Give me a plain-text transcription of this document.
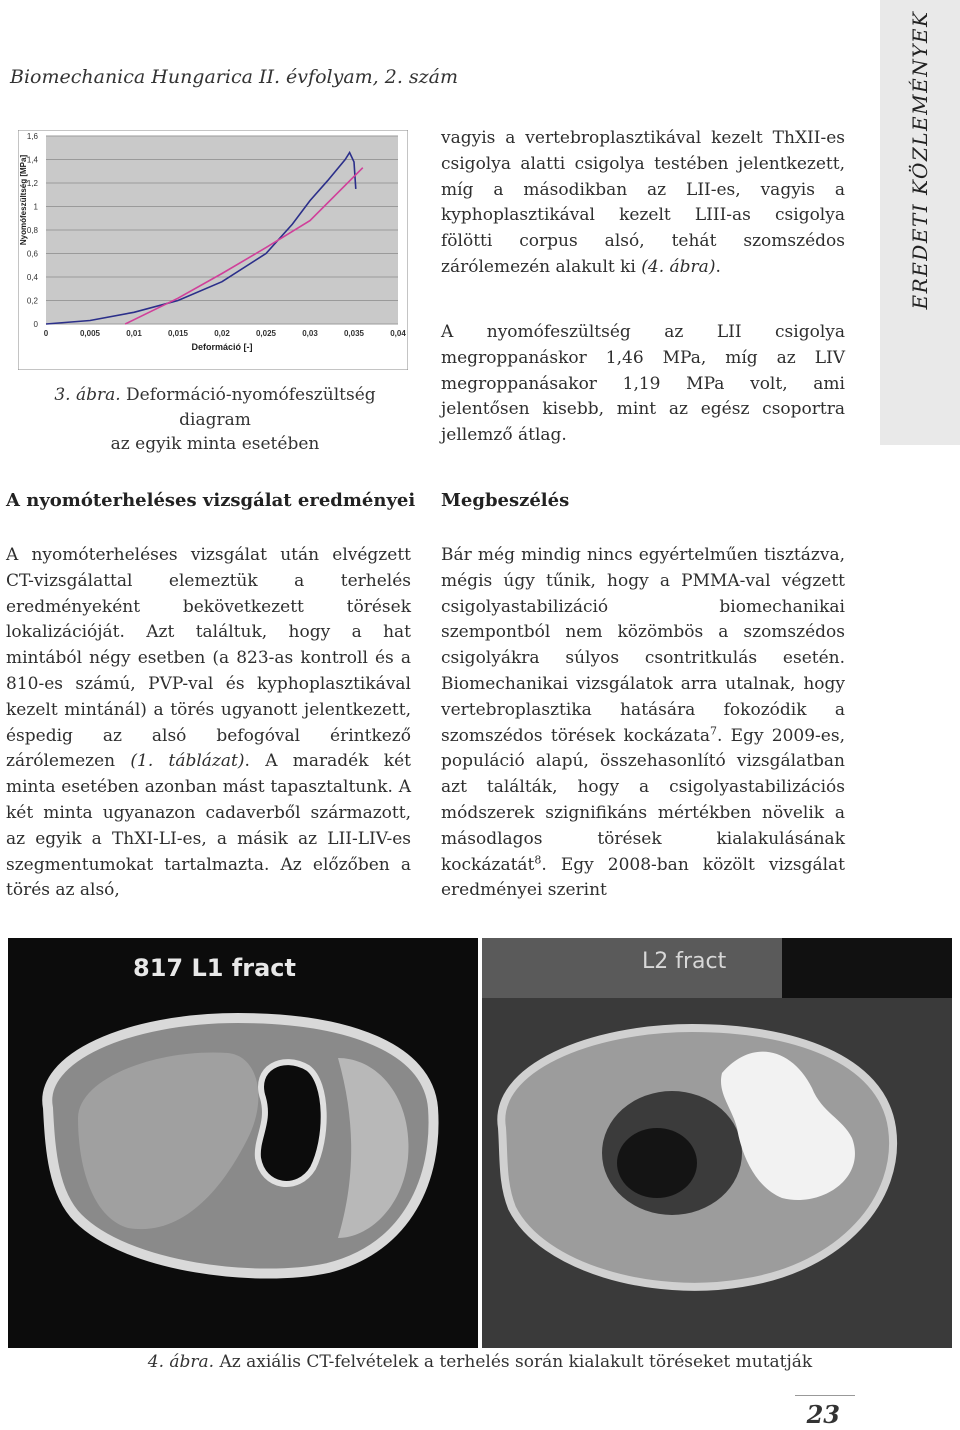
Biomechanica Hungarica II. évfolyam, 2. szám	EREDETI KÖZLEMÉNYEK
0
0,2
0,4
0,6
0,8
1
1,2
1,4
1,6
0	0,005	0,01	0,015	0,02	0,025	0,03	0,035	0,04
Deformáció [-]
Nyomófeszültség [MPa]
3. ábra. Deformáció-nyomófeszültség diagram
az egyik minta esetében

vagyis a vertebroplasztikával kezelt ThXII-es csigolya alatti csigolya testében jelentkezett, míg a másodikban az LII-es, vagyis a kyphoplasztikával kezelt LIII-as csigolya fölötti corpus alsó, tehát szomszédos zárólemezén alakult ki (4. ábra).

A nyomófeszültség az LII csigolya megroppanáskor 1,46 MPa, míg az LIV megroppanásakor 1,19 MPa volt, ami jelentősen kisebb, mint az egész csoportra jellemző átlag.

A nyomóterheléses vizsgálat eredményei

A nyomóterheléses vizsgálat után elvégzett CT-vizsgálattal elemeztük a terhelés eredményeként bekövetkezett törések lokalizációját. Azt találtuk, hogy a hat mintából négy esetben (a 823-as kontroll és a 810-es számú, PVP-val és kyphoplasztikával kezelt mintánál) a törés ugyanott jelentkezett, éspedig az alsó befogóval érintkező zárólemezen (1. táblázat). A maradék két minta esetében azonban mást tapasztaltunk. A két minta ugyanazon cadaverből származott, az egyik a ThXI-LI-es, a másik az LII-LIV-es szegmentumokat tartalmazta. Az előzőben a törés az alsó,

Megbeszélés

Bár még mindig nincs egyértelműen tisztázva, mégis úgy tűnik, hogy a PMMA-val végzett csigolyastabilizáció biomechanikai szempontból nem közömbös a szomszédos csigolyákra súlyos csontritkulás esetén. Biomechanikai vizsgálatok arra utalnak, hogy vertebroplasztika hatására fokozódik a szomszédos törések kockázata$^7$. Egy 2009-es, populáció alapú, összehasonlító vizsgálatban azt találták, hogy a csigolyastabilizációs módszerek szignifikáns mértékben növelik a másodlagos törések kialakulásának kockázatát$^8$. Egy 2008-ban közölt vizsgálat eredményei szerint

817 L1 fract	L2 fract
4. ábra. Az axiális CT-felvételek a terhelés során kialakult töréseket mutatják
23
